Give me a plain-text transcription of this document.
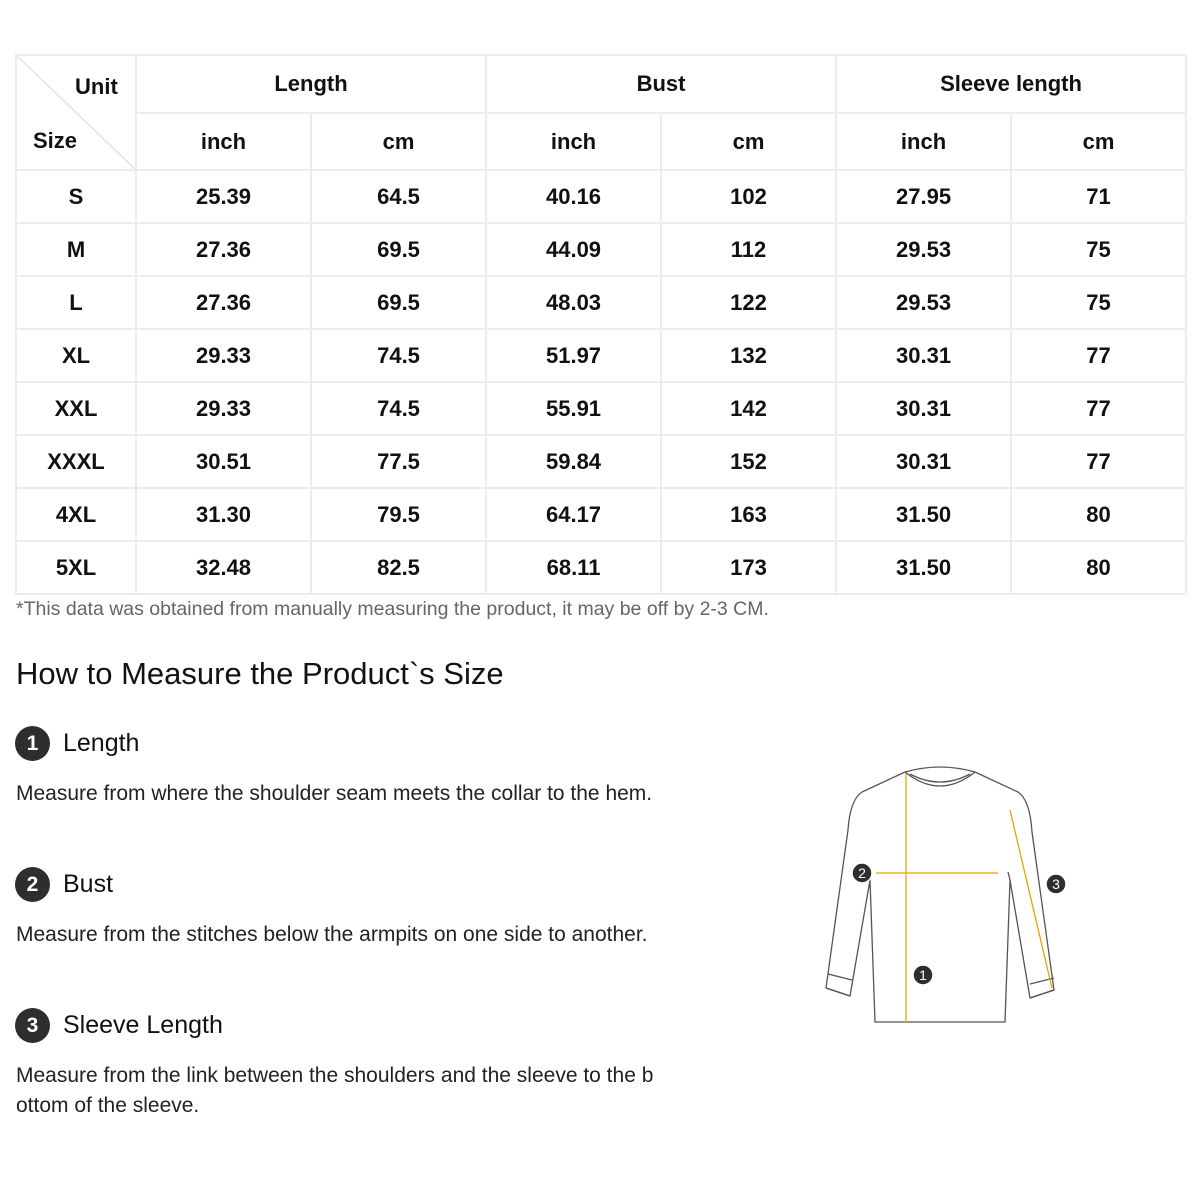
Unit
Size	Length		Bust		Sleeve length	
	inch	cm	inch	cm	inch	cm
S	25.39	64.5	40.16	102	27.95	71
M	27.36	69.5	44.09	112	29.53	75
L	27.36	69.5	48.03	122	29.53	75
XL	29.33	74.5	51.97	132	30.31	77
XXL	29.33	74.5	55.91	142	30.31	77
XXXL	30.51	77.5	59.84	152	30.31	77
4XL	31.30	79.5	64.17	163	31.50	80
5XL	32.48	82.5	68.11	173	31.50	80
*This data was obtained from manually measuring the product, it may be off by 2-3 CM.
How to Measure the Product`s Size
1 Length
Measure from where the shoulder seam meets the collar to the hem.
2 Bust
Measure from the stitches below the armpits on one side to another.
3 Sleeve Length
Measure from the link between the shoulders and the sleeve to the bottom of the sleeve.
2
3
1
